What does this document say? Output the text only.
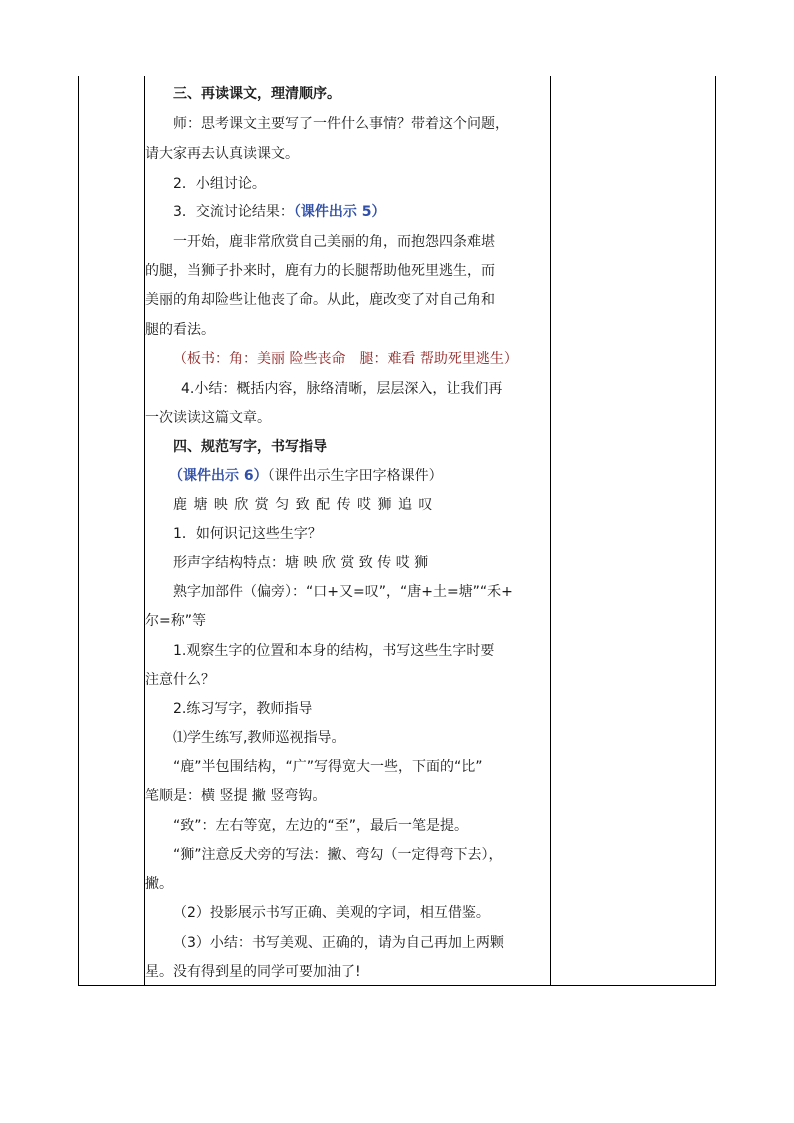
三、再读课文，理清顺序。
师：思考课文主要写了一件什么事情？带着这个问题，
请大家再去认真读课文。
2．小组讨论。
3．交流讨论结果：（课件出示 5）
一开始，鹿非常欣赏自己美丽的角，而抱怨四条难堪
的腿，当狮子扑来时，鹿有力的长腿帮助他死里逃生，而
美丽的角却险些让他丧了命。从此，鹿改变了对自己角和
腿的看法。
（板书：角：美丽 险些丧命　腿：难看 帮助死里逃生）
4.小结：概括内容，脉络清晰，层层深入，让我们再
一次读读这篇文章。
四、规范写字，书写指导
（课件出示 6）（课件出示生字田字格课件）
鹿 塘 映 欣 赏 匀 致 配 传 哎 狮 追 叹
1．如何识记这些生字？
形声字结构特点：塘 映 欣 赏 致 传 哎 狮
熟字加部件（偏旁）：“口+又=叹”，“唐+土=塘”“禾+
尔=称”等
1.观察生字的位置和本身的结构，书写这些生字时要
注意什么？
2.练习写字，教师指导
⑴学生练写,教师巡视指导。
“鹿”半包围结构，“广”写得宽大一些，下面的“比”
笔顺是：横 竖提 撇 竖弯钩。
“致”：左右等宽，左边的“至”，最后一笔是提。
“狮”注意反犬旁的写法：撇、弯勾（一定得弯下去），
撇。
（2）投影展示书写正确、美观的字词，相互借鉴。
（3）小结：书写美观、正确的，请为自己再加上两颗
星。没有得到星的同学可要加油了!
